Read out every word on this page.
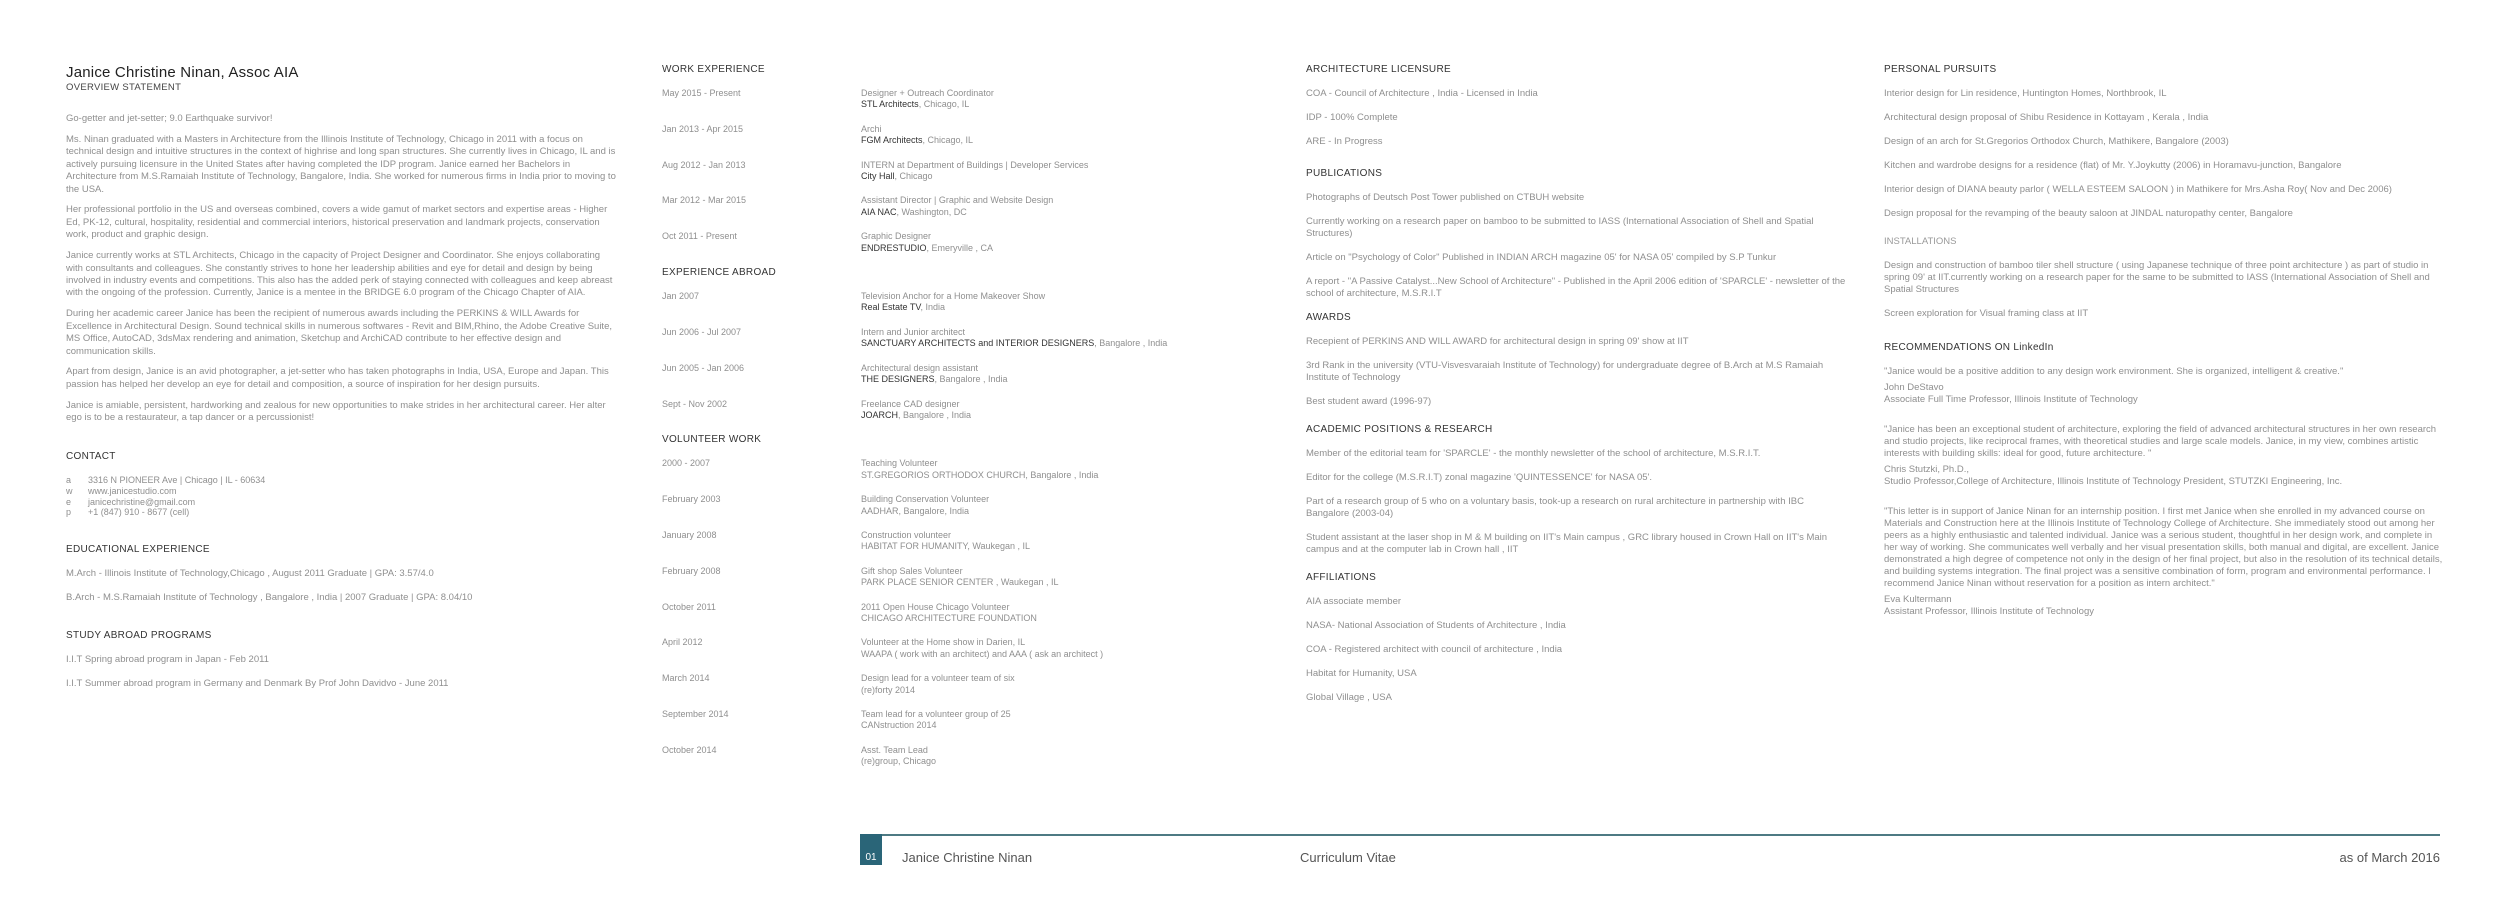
Janice Christine Ninan, Assoc AIA
OVERVIEW STATEMENT

Go-getter and jet-setter; 9.0 Earthquake survivor!

Ms. Ninan graduated with a Masters in Architecture from the Illinois Institute of Technology, Chicago in 2011 with a focus on technical design and intuitive structures in the context of highrise and long span structures. She currently lives in Chicago, IL and is actively pursuing licensure in the United States after having completed the IDP program. Janice earned her Bachelors in Architecture from M.S.Ramaiah Institute of Technology, Bangalore, India. She worked for numerous firms in India prior to moving to the USA.

Her professional portfolio in the US and overseas combined, covers a wide gamut of market sectors and expertise areas - Higher Ed, PK-12, cultural, hospitality, residential and commercial interiors, historical preservation and landmark projects, conservation work, product and graphic design.

Janice currently works at STL Architects, Chicago in the capacity of Project Designer and Coordinator. She enjoys collaborating with consultants and colleagues. She constantly strives to hone her leadership abilities and eye for detail and design by being involved in industry events and competitions. This also has the added perk of staying connected with colleagues and keep abreast with the ongoing of the profession. Currently, Janice is a mentee in the BRIDGE 6.0 program of the Chicago Chapter of AIA.

During her academic career Janice has been the recipient of numerous awards including the PERKINS & WILL Awards for Excellence in Architectural Design. Sound technical skills in numerous softwares - Revit and BIM,Rhino, the Adobe Creative Suite, MS Office, AutoCAD, 3dsMax rendering and animation, Sketchup and ArchiCAD contribute to her effective design and communication skills.

Apart from design, Janice is an avid photographer, a jet-setter who has taken photographs in India, USA, Europe and Japan. This passion has helped her develop an eye for detail and composition, a source of inspiration for her design pursuits.

Janice is amiable, persistent, hardworking and zealous for new opportunities to make strides in her architectural career. Her alter ego is to be a restaurateur, a tap dancer or a percussionist!

CONTACT
a	3316 N PIONEER Ave | Chicago | IL - 60634
w	www.janicestudio.com
e	janicechristine@gmail.com
p	+1 (847) 910 - 8677 (cell)
EDUCATIONAL EXPERIENCE
M.Arch - Illinois Institute of Technology,Chicago , August 2011 Graduate | GPA: 3.57/4.0
B.Arch - M.S.Ramaiah Institute of Technology , Bangalore , India | 2007 Graduate | GPA: 8.04/10
STUDY ABROAD PROGRAMS
I.I.T Spring abroad program in Japan - Feb 2011
I.I.T Summer abroad program in Germany and Denmark By Prof John Davidvo - June 2011
WORK EXPERIENCE
May 2015 - Present	Designer + Outreach Coordinator
STL Architects, Chicago, IL
Jan 2013 - Apr 2015	Archi
FGM Architects, Chicago, IL
Aug 2012 - Jan 2013	INTERN at Department of Buildings | Developer Services
City Hall, Chicago
Mar 2012 - Mar 2015	Assistant Director | Graphic and Website Design
AIA NAC, Washington, DC
Oct 2011 - Present	Graphic Designer
ENDRESTUDIO, Emeryville , CA
EXPERIENCE ABROAD
Jan 2007	Television Anchor for a Home Makeover Show
Real Estate TV, India
Jun 2006 - Jul 2007	Intern and Junior architect
SANCTUARY ARCHITECTS and INTERIOR DESIGNERS, Bangalore , India
Jun 2005 - Jan 2006	Architectural design assistant
THE DESIGNERS, Bangalore , India
Sept - Nov 2002	Freelance CAD designer
JOARCH, Bangalore , India
VOLUNTEER WORK
2000 - 2007	Teaching Volunteer
ST.GREGORIOS ORTHODOX CHURCH, Bangalore , India
February 2003	Building Conservation Volunteer
AADHAR, Bangalore, India
January 2008	Construction volunteer
HABITAT FOR HUMANITY, Waukegan , IL
February 2008	Gift shop Sales Volunteer
PARK PLACE SENIOR CENTER , Waukegan , IL
October 2011	2011 Open House Chicago Volunteer
CHICAGO ARCHITECTURE FOUNDATION
April 2012	Volunteer at the Home show in Darien, IL
WAAPA ( work with an architect) and AAA ( ask an architect )
March 2014	Design lead for a volunteer team of six
(re)forty 2014
September 2014	Team lead for a volunteer group of 25
CANstruction 2014
October 2014	Asst. Team Lead
(re)group, Chicago
ARCHITECTURE LICENSURE
COA - Council of Architecture , India - Licensed in India
IDP - 100% Complete
ARE - In Progress
PUBLICATIONS
Photographs of Deutsch Post Tower published on CTBUH website
Currently working on a research paper on bamboo to be submitted to IASS (International Association of Shell and Spatial Structures)
Article on "Psychology of Color" Published in INDIAN ARCH magazine 05' for NASA 05' compiled by S.P Tunkur
A report - "A Passive Catalyst...New School of Architecture" - Published in the April 2006 edition of 'SPARCLE' - newsletter of the school of architecture, M.S.R.I.T
AWARDS
Recepient of PERKINS AND WILL AWARD for architectural design in spring 09' show at IIT
3rd Rank in the university (VTU-Visvesvaraiah Institute of Technology) for undergraduate degree of B.Arch at M.S Ramaiah Institute of Technology
Best student award (1996-97)
ACADEMIC POSITIONS & RESEARCH
Member of the editorial team for 'SPARCLE' - the monthly newsletter of the school of architecture, M.S.R.I.T.
Editor for the college (M.S.R.I.T) zonal magazine 'QUINTESSENCE' for NASA 05'.
Part of a research group of 5 who on a voluntary basis, took-up a research on rural architecture in partnership with IBC Bangalore (2003-04)
Student assistant at the laser shop in M & M building on IIT's Main campus , GRC library housed in Crown Hall on IIT's Main campus and at the computer lab in Crown hall , IIT
AFFILIATIONS
AIA associate member
NASA- National Association of Students of Architecture , India
COA - Registered architect with council of architecture , India
Habitat for Humanity, USA
Global Village , USA
PERSONAL PURSUITS
Interior design for Lin residence, Huntington Homes, Northbrook, IL
Architectural design proposal of Shibu Residence in Kottayam , Kerala , India
Design of an arch for St.Gregorios Orthodox Church, Mathikere, Bangalore (2003)
Kitchen and wardrobe designs for a residence (flat) of Mr. Y.Joykutty (2006) in Horamavu-junction, Bangalore
Interior design of DIANA beauty parlor ( WELLA ESTEEM SALOON ) in Mathikere for Mrs.Asha Roy( Nov and Dec 2006)
Design proposal for the revamping of the beauty saloon at JINDAL naturopathy center, Bangalore
INSTALLATIONS
Design and construction of bamboo tiler shell structure ( using Japanese technique of three point architecture ) as part of studio in spring 09' at IIT.currently working on a research paper for the same to be submitted to IASS (International Association of Shell and Spatial Structures
Screen exploration for Visual framing class at IIT
RECOMMENDATIONS ON LinkedIn
"Janice would be a positive addition to any design work environment. She is organized, intelligent & creative."
John DeStavo
Associate Full Time Professor, Illinois Institute of Technology
"Janice has been an exceptional student of architecture, exploring the field of advanced architectural structures in her own research and studio projects, like reciprocal frames, with theoretical studies and large scale models. Janice, in my view, combines artistic interests with building skills: ideal for good, future architecture. "
Chris Stutzki, Ph.D.,
Studio Professor,College of Architecture, Illinois Institute of Technology President, STUTZKI Engineering, Inc.
"This letter is in support of Janice Ninan for an internship position. I first met Janice when she enrolled in my advanced course on Materials and Construction here at the Illinois Institute of Technology College of Architecture. She immediately stood out among her peers as a highly enthusiastic and talented individual. Janice was a serious student, thoughtful in her design work, and complete in her way of working. She communicates well verbally and her visual presentation skills, both manual and digital, are excellent. Janice demonstrated a high degree of competence not only in the design of her final project, but also in the resolution of its technical details, and building systems integration. The final project was a sensitive combination of form, program and environmental performance. I recommend Janice Ninan without reservation for a position as intern architect."
Eva Kultermann
Assistant Professor, Illinois Institute of Technology
01	Janice Christine Ninan	Curriculum Vitae	as of March 2016
